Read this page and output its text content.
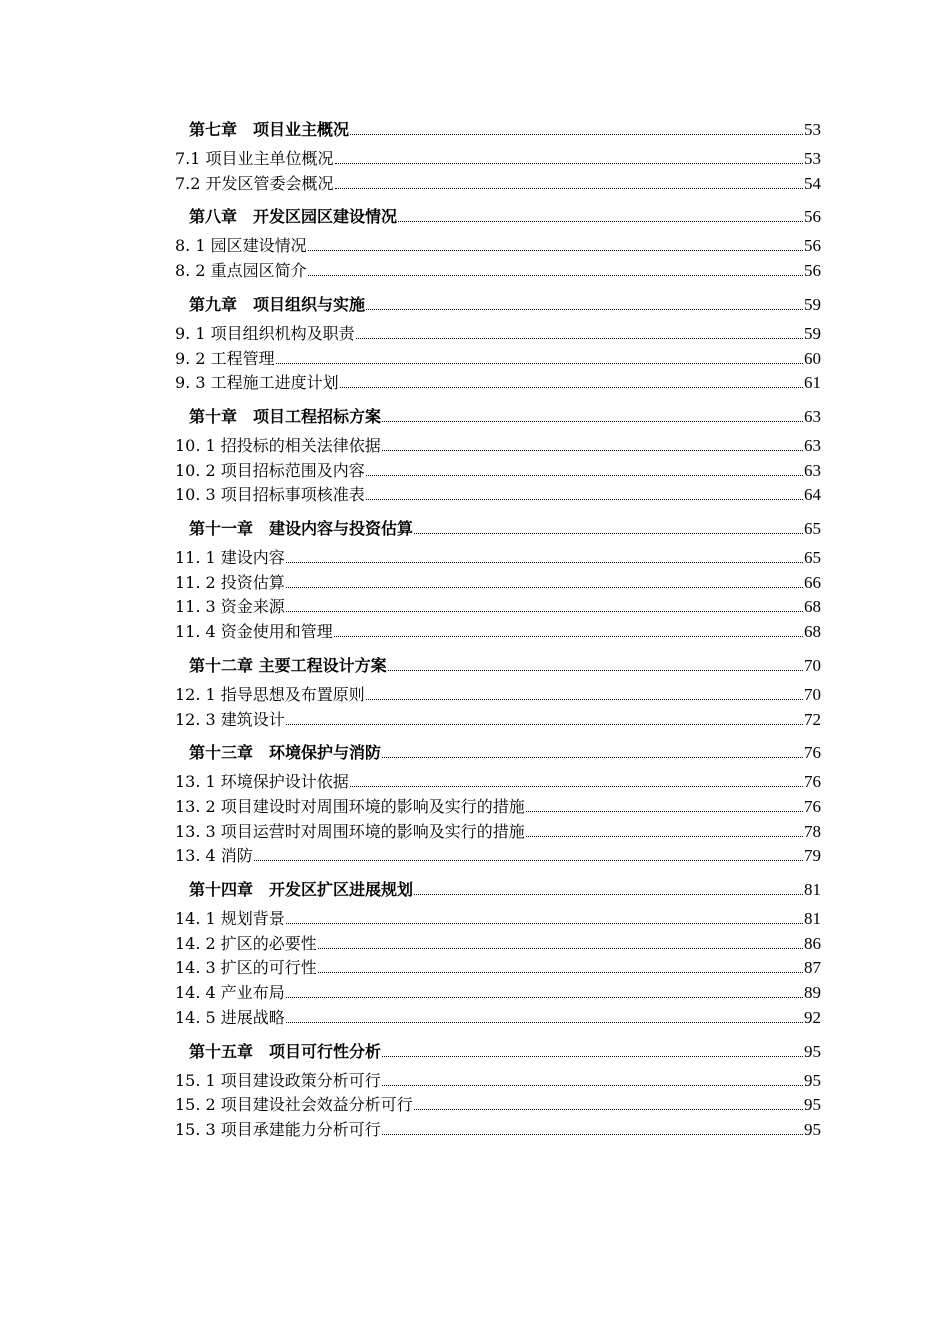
第七章　项目业主概况	53
7.1 项目业主单位概况	53
7.2 开发区管委会概况	54
第八章　开发区园区建设情况	56
8. 1 园区建设情况	56
8. 2 重点园区简介	56
第九章　项目组织与实施	59
9. 1 项目组织机构及职责	59
9. 2 工程管理	60
9. 3 工程施工进度计划	61
第十章　项目工程招标方案	63
10. 1 招投标的相关法律依据	63
10. 2 项目招标范围及内容	63
10. 3 项目招标事项核准表	64
第十一章　建设内容与投资估算	65
11. 1 建设内容	65
11. 2 投资估算	66
11. 3 资金来源	68
11. 4 资金使用和管理	68
第十二章 主要工程设计方案	70
12. 1 指导思想及布置原则	70
12. 3 建筑设计	72
第十三章　环境保护与消防	76
13. 1 环境保护设计依据	76
13. 2 项目建设时对周围环境的影响及实行的措施	76
13. 3 项目运营时对周围环境的影响及实行的措施	78
13. 4 消防	79
第十四章　开发区扩区进展规划	81
14. 1 规划背景	81
14. 2 扩区的必要性	86
14. 3 扩区的可行性	87
14. 4 产业布局	89
14. 5 进展战略	92
第十五章　项目可行性分析	95
15. 1 项目建设政策分析可行	95
15. 2 项目建设社会效益分析可行	95
15. 3 项目承建能力分析可行	95
